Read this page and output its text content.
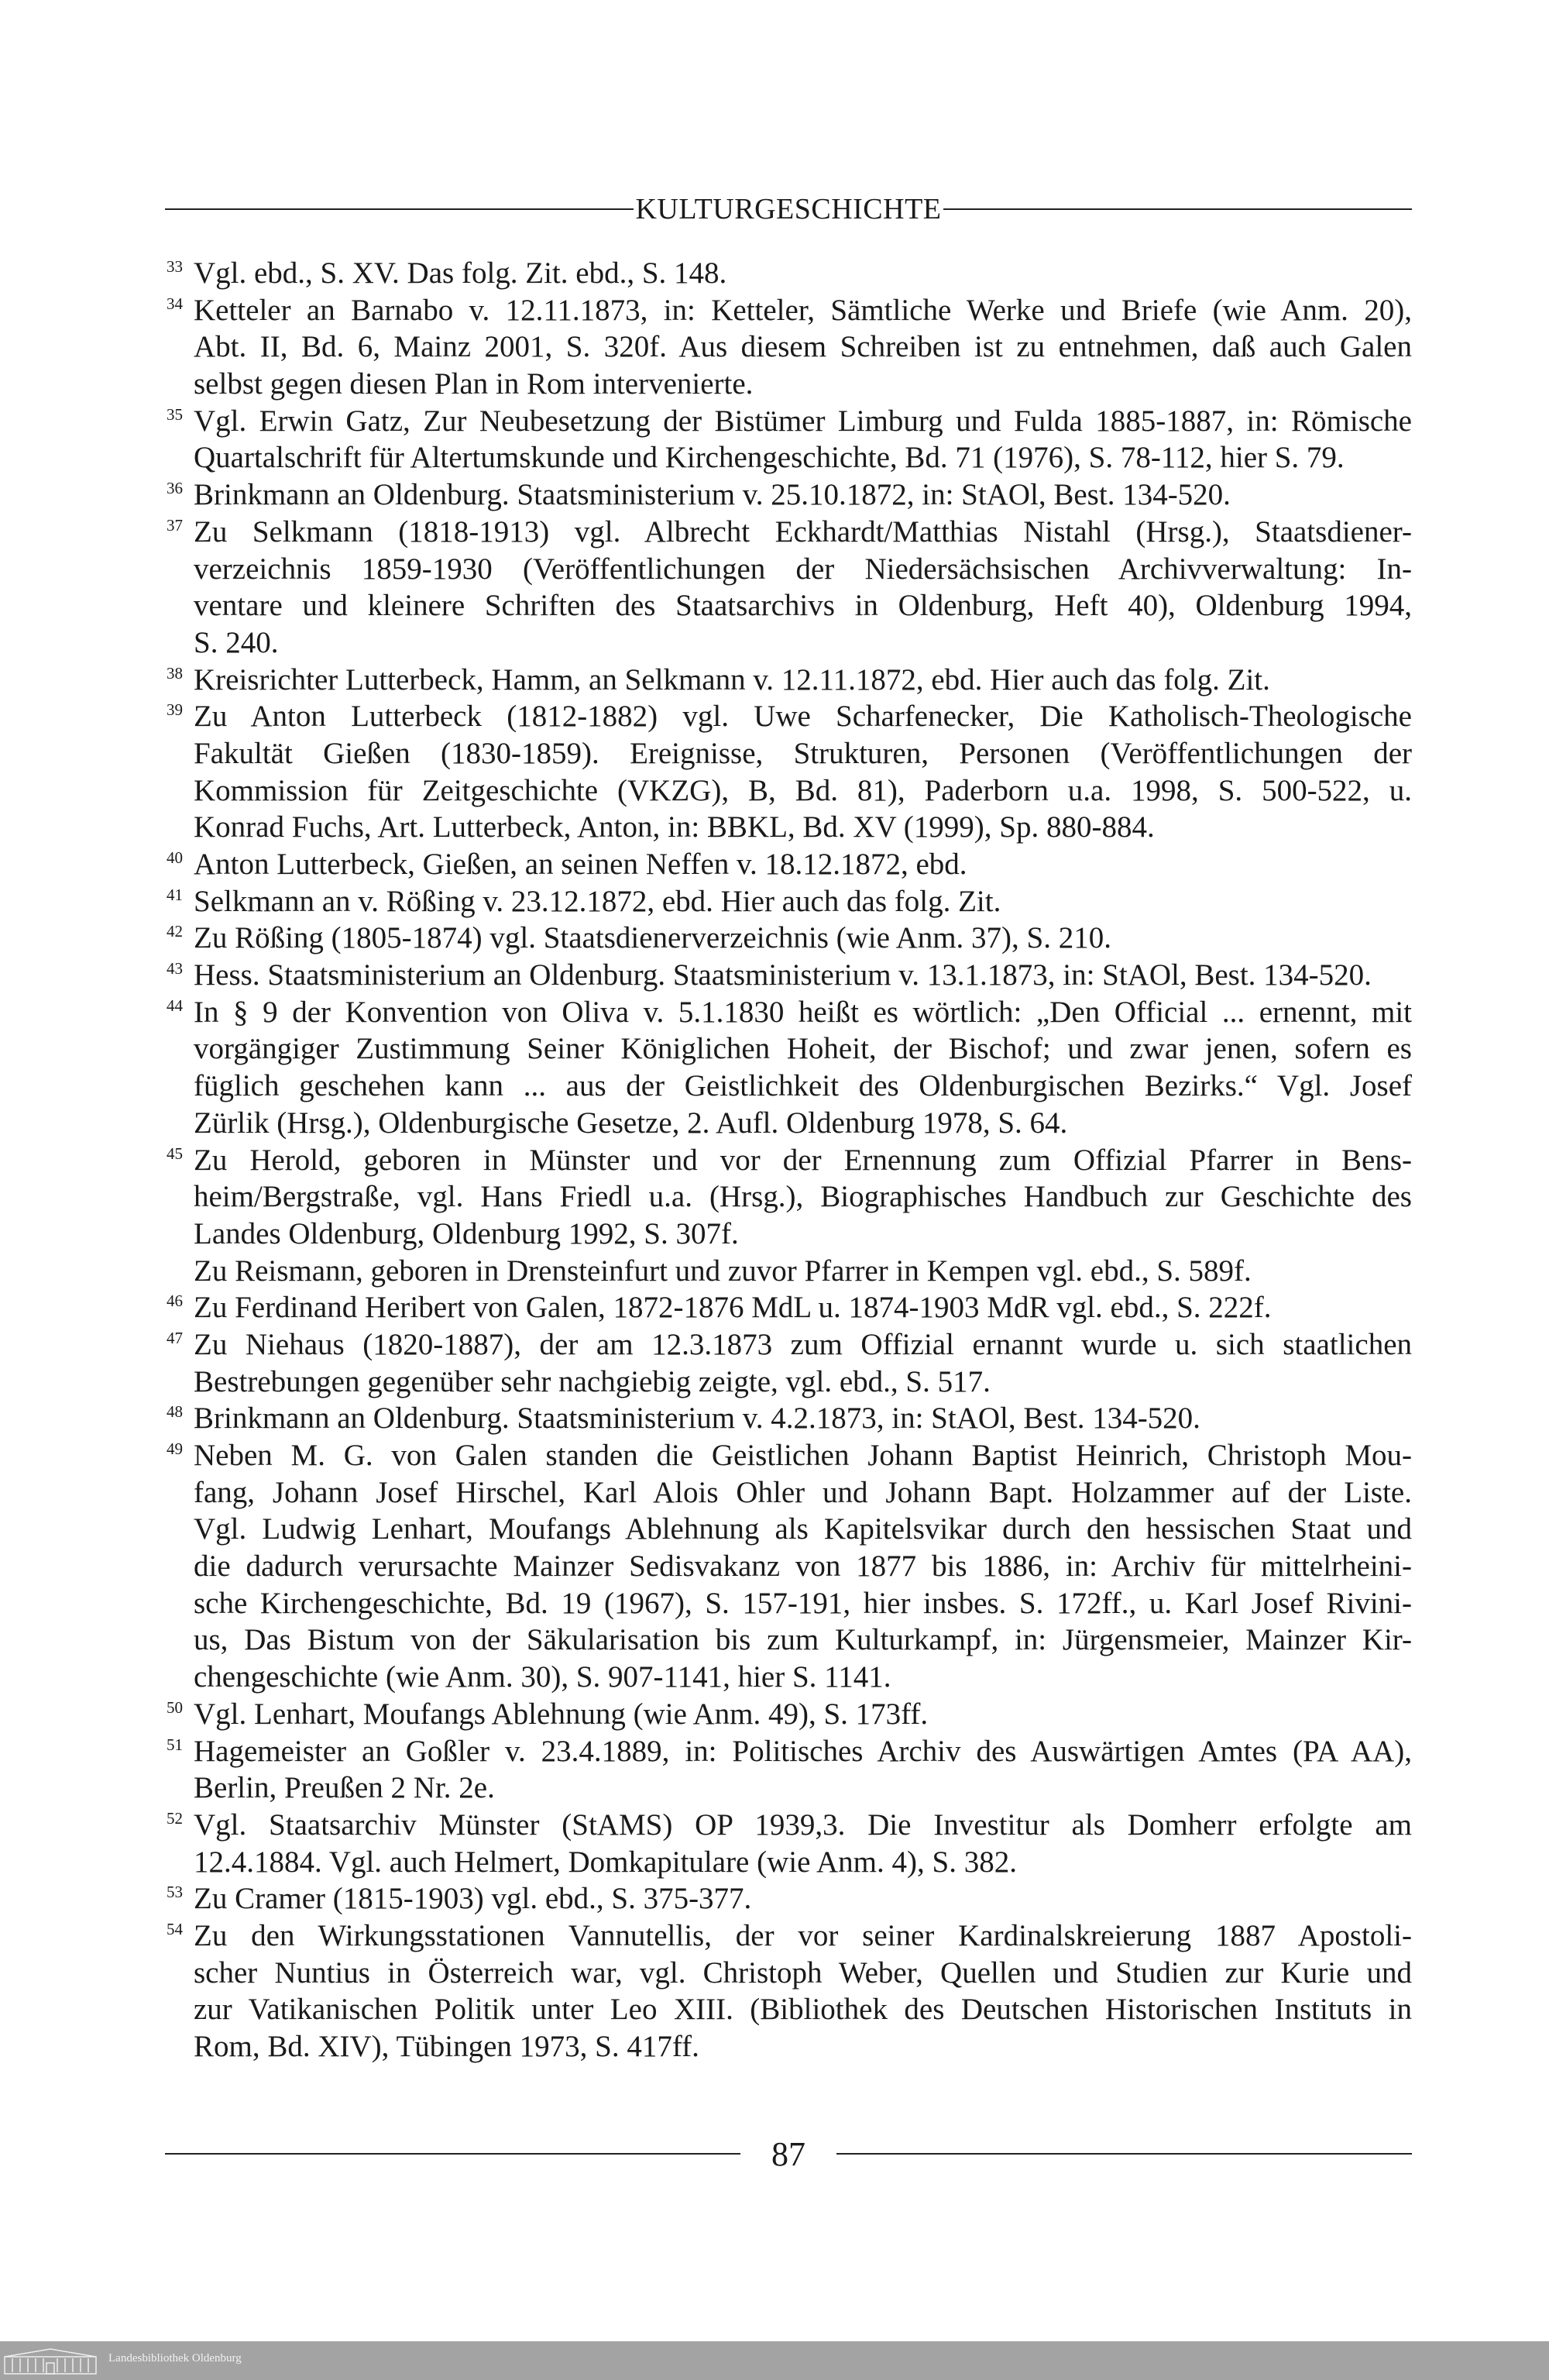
KULTURGESCHICHTE
33 Vgl. ebd., S. XV. Das folg. Zit. ebd., S. 148.
34 Ketteler an Barnabo v. 12.11.1873, in: Ketteler, Sämtliche Werke und Briefe (wie Anm. 20),
Abt. II, Bd. 6, Mainz 2001, S. 320f. Aus diesem Schreiben ist zu entnehmen, daß auch Galen
selbst gegen diesen Plan in Rom intervenierte.
35 Vgl. Erwin Gatz, Zur Neubesetzung der Bistümer Limburg und Fulda 1885-1887, in: Römische
Quartalschrift für Altertumskunde und Kirchengeschichte, Bd. 71 (1976), S. 78-112, hier S. 79.
36 Brinkmann an Oldenburg. Staatsministerium v. 25.10.1872, in: StAOl, Best. 134-520.
37 Zu Selkmann (1818-1913) vgl. Albrecht Eckhardt/Matthias Nistahl (Hrsg.), Staatsdiener-
verzeichnis 1859-1930 (Veröffentlichungen der Niedersächsischen Archivverwaltung: In-
ventare und kleinere Schriften des Staatsarchivs in Oldenburg, Heft 40), Oldenburg 1994,
S. 240.
38 Kreisrichter Lutterbeck, Hamm, an Selkmann v. 12.11.1872, ebd. Hier auch das folg. Zit.
39 Zu Anton Lutterbeck (1812-1882) vgl. Uwe Scharfenecker, Die Katholisch-Theologische
Fakultät Gießen (1830-1859). Ereignisse, Strukturen, Personen (Veröffentlichungen der
Kommission für Zeitgeschichte (VKZG), B, Bd. 81), Paderborn u.a. 1998, S. 500-522, u.
Konrad Fuchs, Art. Lutterbeck, Anton, in: BBKL, Bd. XV (1999), Sp. 880-884.
40 Anton Lutterbeck, Gießen, an seinen Neffen v. 18.12.1872, ebd.
41 Selkmann an v. Rößing v. 23.12.1872, ebd. Hier auch das folg. Zit.
42 Zu Rößing (1805-1874) vgl. Staatsdienerverzeichnis (wie Anm. 37), S. 210.
43 Hess. Staatsministerium an Oldenburg. Staatsministerium v. 13.1.1873, in: StAOl, Best. 134-520.
44 In § 9 der Konvention von Oliva v. 5.1.1830 heißt es wörtlich: „Den Official ... ernennt, mit
vorgängiger Zustimmung Seiner Königlichen Hoheit, der Bischof; und zwar jenen, sofern es
füglich geschehen kann ... aus der Geistlichkeit des Oldenburgischen Bezirks.“ Vgl. Josef
Zürlik (Hrsg.), Oldenburgische Gesetze, 2. Aufl. Oldenburg 1978, S. 64.
45 Zu Herold, geboren in Münster und vor der Ernennung zum Offizial Pfarrer in Bens-
heim/Bergstraße, vgl. Hans Friedl u.a. (Hrsg.), Biographisches Handbuch zur Geschichte des
Landes Oldenburg, Oldenburg 1992, S. 307f.
Zu Reismann, geboren in Drensteinfurt und zuvor Pfarrer in Kempen vgl. ebd., S. 589f.
46 Zu Ferdinand Heribert von Galen, 1872-1876 MdL u. 1874-1903 MdR vgl. ebd., S. 222f.
47 Zu Niehaus (1820-1887), der am 12.3.1873 zum Offizial ernannt wurde u. sich staatlichen
Bestrebungen gegenüber sehr nachgiebig zeigte, vgl. ebd., S. 517.
48 Brinkmann an Oldenburg. Staatsministerium v. 4.2.1873, in: StAOl, Best. 134-520.
49 Neben M. G. von Galen standen die Geistlichen Johann Baptist Heinrich, Christoph Mou-
fang, Johann Josef Hirschel, Karl Alois Ohler und Johann Bapt. Holzammer auf der Liste.
Vgl. Ludwig Lenhart, Moufangs Ablehnung als Kapitelsvikar durch den hessischen Staat und
die dadurch verursachte Mainzer Sedisvakanz von 1877 bis 1886, in: Archiv für mittelrheini-
sche Kirchengeschichte, Bd. 19 (1967), S. 157-191, hier insbes. S. 172ff., u. Karl Josef Rivini-
us, Das Bistum von der Säkularisation bis zum Kulturkampf, in: Jürgensmeier, Mainzer Kir-
chengeschichte (wie Anm. 30), S. 907-1141, hier S. 1141.
50 Vgl. Lenhart, Moufangs Ablehnung (wie Anm. 49), S. 173ff.
51 Hagemeister an Goßler v. 23.4.1889, in: Politisches Archiv des Auswärtigen Amtes (PA AA),
Berlin, Preußen 2 Nr. 2e.
52 Vgl. Staatsarchiv Münster (StAMS) OP 1939,3. Die Investitur als Domherr erfolgte am
12.4.1884. Vgl. auch Helmert, Domkapitulare (wie Anm. 4), S. 382.
53 Zu Cramer (1815-1903) vgl. ebd., S. 375-377.
54 Zu den Wirkungsstationen Vannutellis, der vor seiner Kardinalskreierung 1887 Apostoli-
scher Nuntius in Österreich war, vgl. Christoph Weber, Quellen und Studien zur Kurie und
zur Vatikanischen Politik unter Leo XIII. (Bibliothek des Deutschen Historischen Instituts in
Rom, Bd. XIV), Tübingen 1973, S. 417ff.
87
Landesbibliothek Oldenburg
